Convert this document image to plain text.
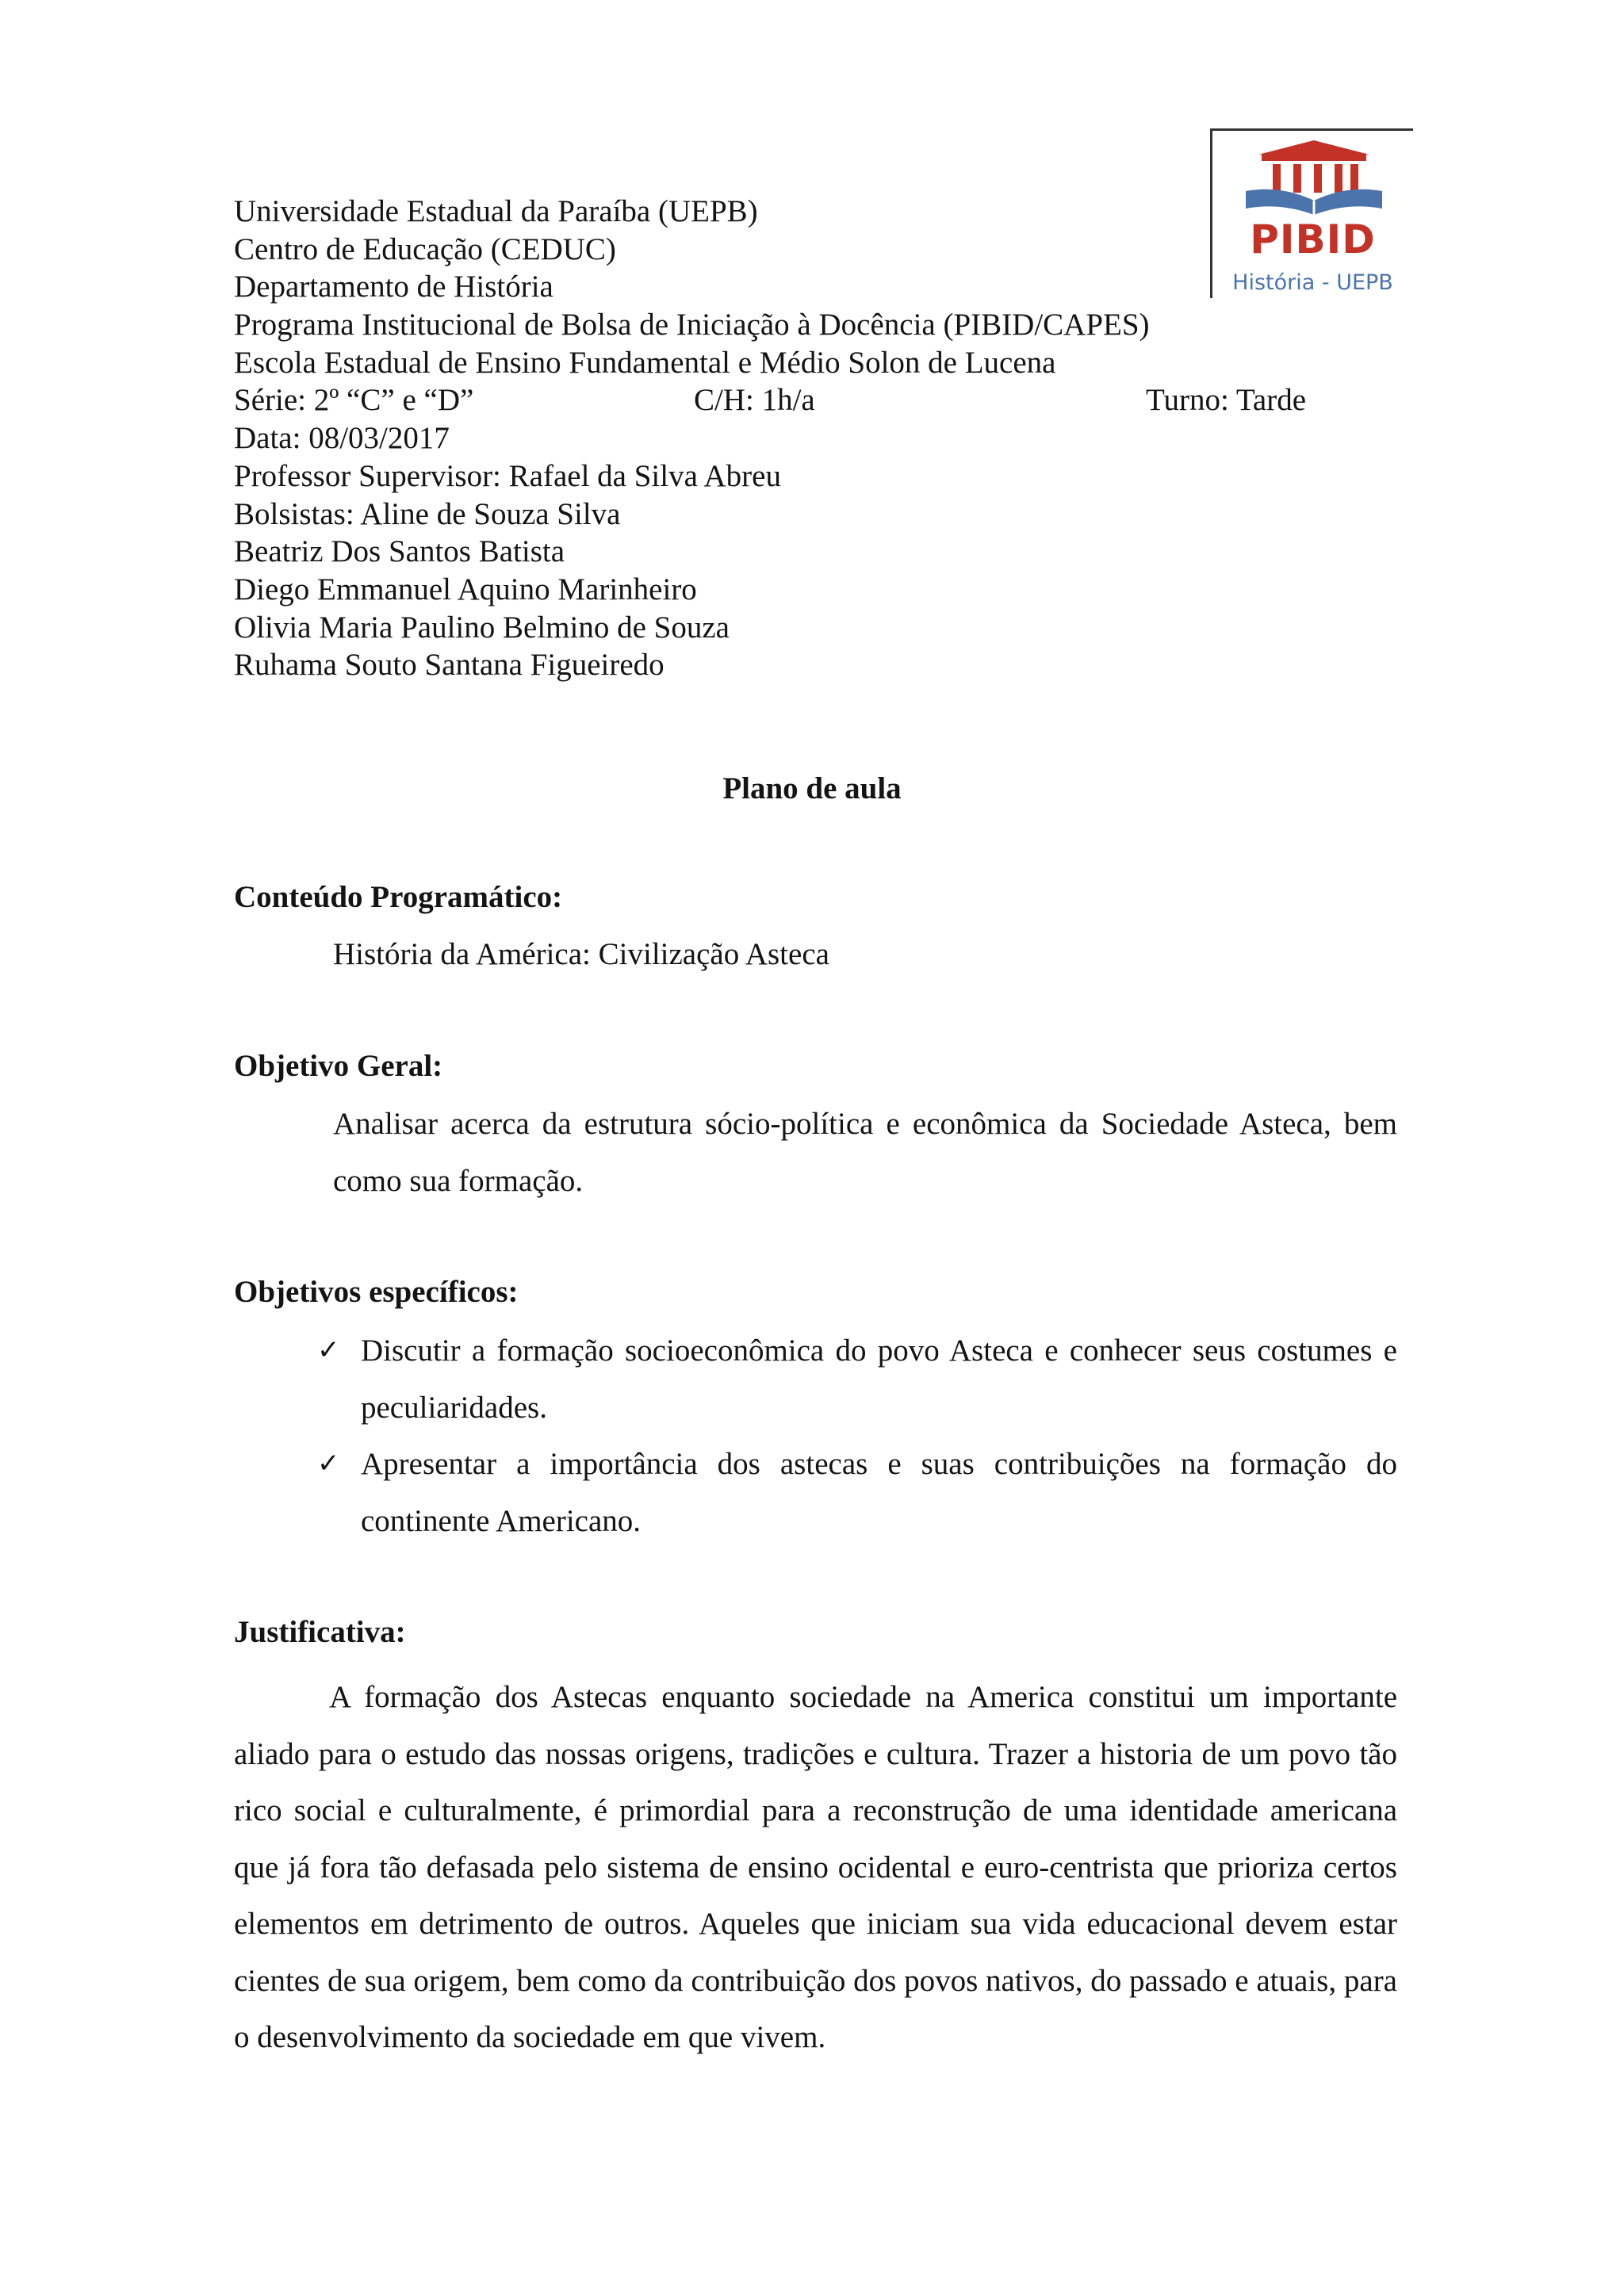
PIBID
História - UEPB
Universidade Estadual da Paraíba (UEPB)
Centro de Educação (CEDUC)
Departamento de História
Programa Institucional de Bolsa de Iniciação à Docência (PIBID/CAPES)
Escola Estadual de Ensino Fundamental e Médio Solon de Lucena
Série: 2º “C” e “D”	C/H: 1h/a	Turno: Tarde
Data: 08/03/2017
Professor Supervisor: Rafael da Silva Abreu
Bolsistas: Aline de Souza Silva
Beatriz Dos Santos Batista
Diego Emmanuel Aquino Marinheiro
Olivia Maria Paulino Belmino de Souza
Ruhama Souto Santana Figueiredo
Plano de aula
Conteúdo Programático:
História da América: Civilização Asteca
Objetivo Geral:
Analisar acerca da estrutura sócio-política e econômica da Sociedade Asteca, bem como sua formação.
Objetivos específicos:
✓ Discutir a formação socioeconômica do povo Asteca e conhecer seus costumes e peculiaridades.
✓ Apresentar a importância dos astecas e suas contribuições na formação do continente Americano.
Justificativa:
A formação dos Astecas enquanto sociedade na America constitui um importante aliado para o estudo das nossas origens, tradições e cultura. Trazer a historia de um povo tão rico social e culturalmente, é primordial para a reconstrução de uma identidade americana que já fora tão defasada pelo sistema de ensino ocidental e euro-centrista que prioriza certos elementos em detrimento de outros. Aqueles que iniciam sua vida educacional devem estar cientes de sua origem, bem como da contribuição dos povos nativos, do passado e atuais, para o desenvolvimento da sociedade em que vivem.
